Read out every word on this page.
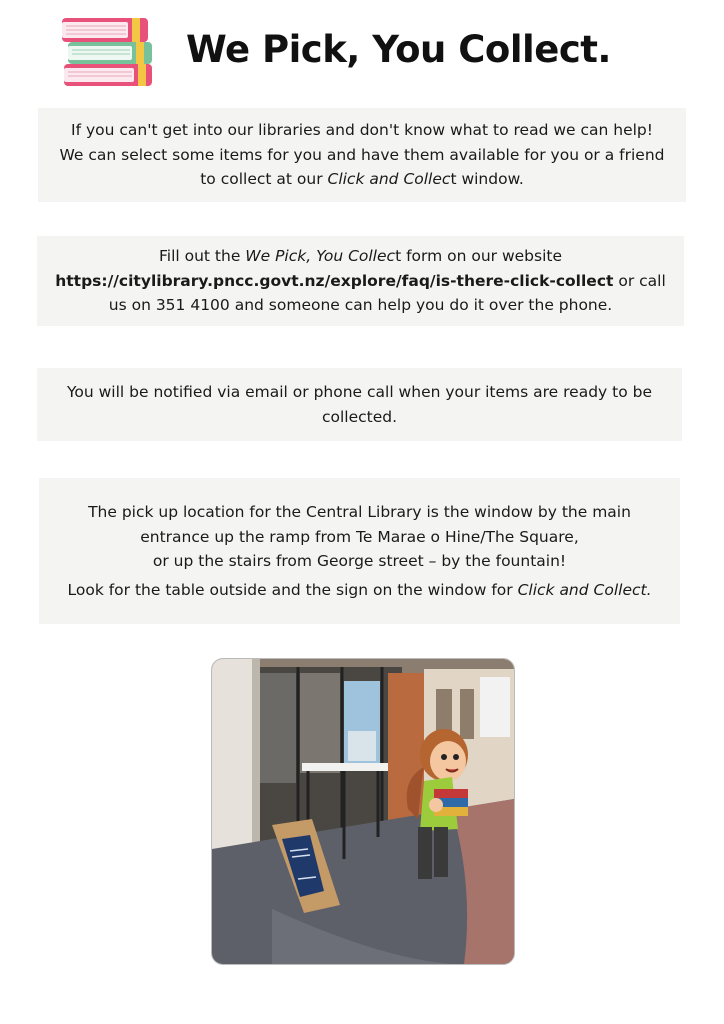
We Pick, You Collect.

If you can't get into our libraries and don't know what to read we can help!

We can select some items for you and have them available for you or a friend

to collect at our Click and Collect window.

Fill out the We Pick, You Collect form on our website

https://citylibrary.pncc.govt.nz/explore/faq/is-there-click-collect or call

us on 351 4100 and someone can help you do it over the phone.

You will be notified via email or phone call when your items are ready to be

collected.

The pick up location for the Central Library is the window by the main

entrance up the ramp from Te Marae o Hine/The Square,

or up the stairs from George street – by the fountain!

Look for the table outside and the sign on the window for Click and Collect.
